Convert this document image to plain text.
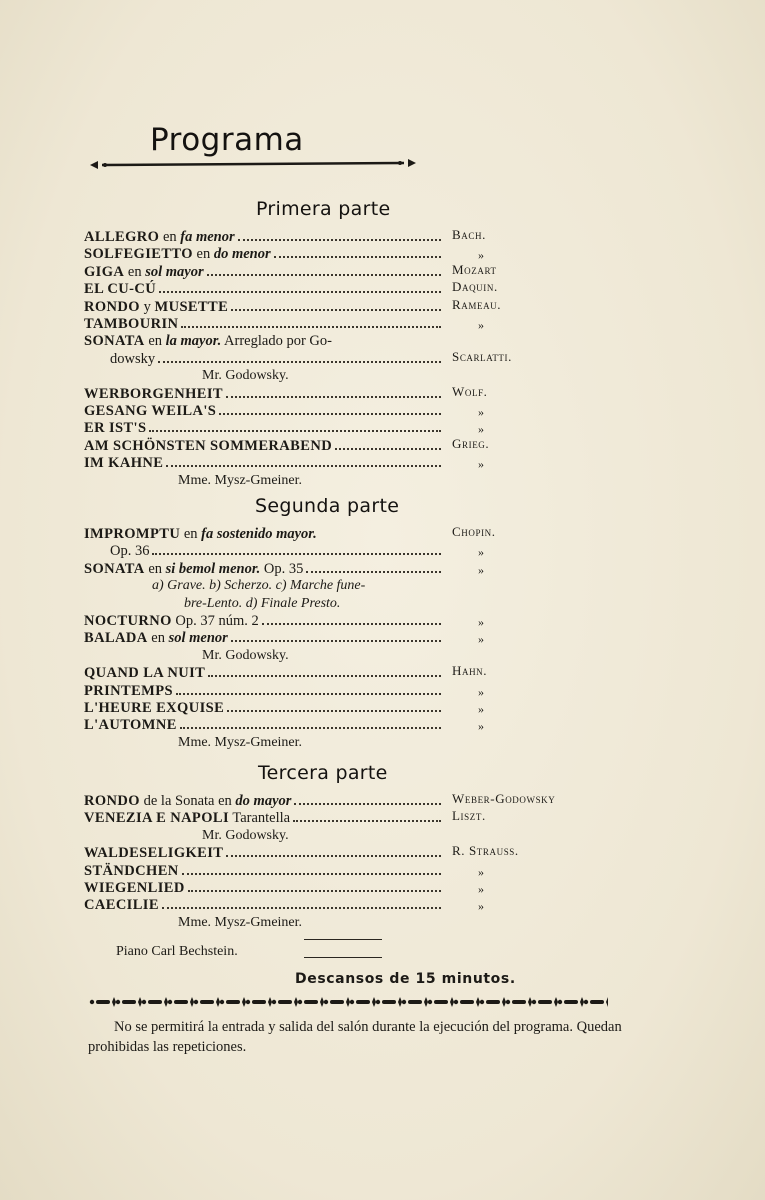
Programa
Primera parte
ALLEGRO en fa menor	Bach.
SOLFEGIETTO en do menor	»
GIGA en sol mayor	Mozart
EL CU-CÚ	Daquin.
RONDO y MUSETTE	Rameau.
TAMBOURIN	»
SONATA en la mayor. Arreglado por Go-
dowsky	Scarlatti.
Mr. Godowsky.
WERBORGENHEIT	Wolf.
GESANG WEILA'S	»
ER IST'S	»
AM SCHÖNSTEN SOMMERABEND	Grieg.
IM KAHNE	»
Mme. Mysz-Gmeiner.
Segunda parte
IMPROMPTU en fa sostenido mayor.	Chopin.
Op. 36	»
SONATA en si bemol menor. Op. 35	»
a) Grave. b) Scherzo. c) Marche fune-
bre-Lento. d) Finale Presto.
NOCTURNO Op. 37 núm. 2	»
BALADA en sol menor	»
Mr. Godowsky.
QUAND LA NUIT	Hahn.
PRINTEMPS	»
L'HEURE EXQUISE	»
L'AUTOMNE	»
Mme. Mysz-Gmeiner.
Tercera parte
RONDO de la Sonata en do mayor	Weber-Godowsky
VENEZIA E NAPOLI Tarantella	Liszt.
Mr. Godowsky.
WALDESELIGKEIT	R. Strauss.
STÄNDCHEN	»
WIEGENLIED	»
CAECILIE	»
Mme. Mysz-Gmeiner.
Piano Carl Bechstein.
Descansos de 15 minutos.
No se permitirá la entrada y salida del salón durante la ejecución del programa. Quedan prohibidas las repeticiones.
